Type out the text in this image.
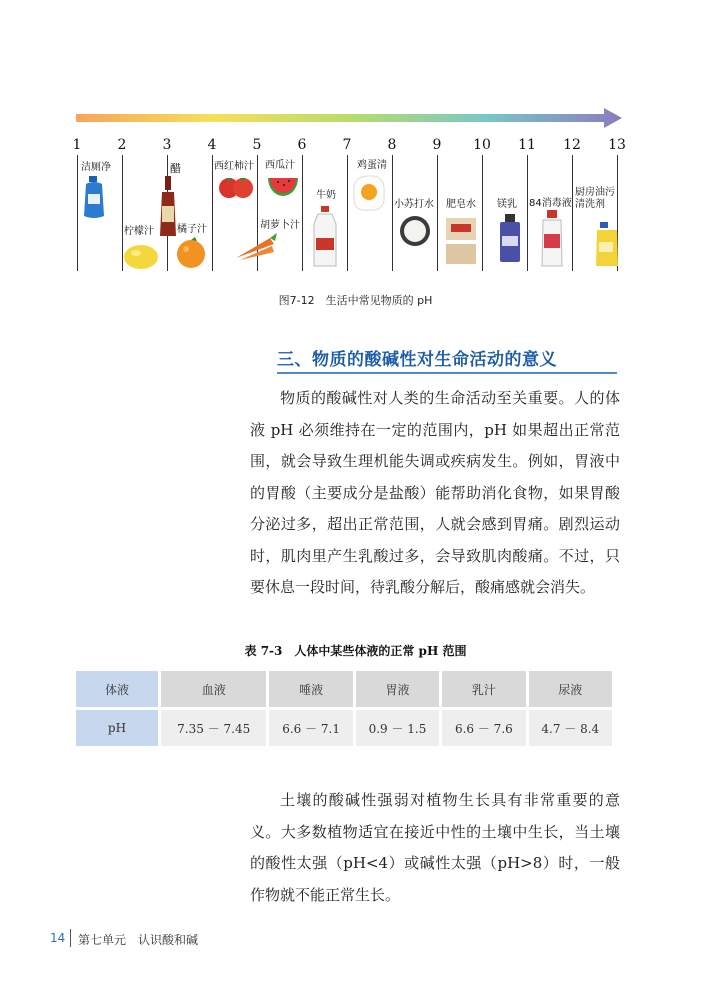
1	2	3	4	5	6	7	8	9	10	11	12	13
洁厕净
柠檬汁
醋
橘子汁
西红柿汁
胡萝卜汁
西瓜汁
牛奶
鸡蛋清
小苏打水 肥皂水 镁乳 84消毒液
厨房油污清洗剂
图7-12　生活中常见物质的 pH
三、物质的酸碱性对生命活动的意义
物质的酸碱性对人类的生命活动至关重要。人的体液 pH 必须维持在一定的范围内，pH 如果超出正常范围，就会导致生理机能失调或疾病发生。例如，胃液中的胃酸（主要成分是盐酸）能帮助消化食物，如果胃酸分泌过多，超出正常范围，人就会感到胃痛。剧烈运动时，肌肉里产生乳酸过多，会导致肌肉酸痛。不过，只要休息一段时间，待乳酸分解后，酸痛感就会消失。
表 7-3　人体中某些体液的正常 pH 范围
体液	血液	唾液	胃液	乳汁	尿液
pH	7.35 － 7.45	6.6 － 7.1	0.9 － 1.5	6.6 － 7.6	4.7 － 8.4
土壤的酸碱性强弱对植物生长具有非常重要的意义。大多数植物适宜在接近中性的土壤中生长，当土壤的酸性太强（pH<4）或碱性太强（pH>8）时，一般作物就不能正常生长。
14 第七单元　认识酸和碱
